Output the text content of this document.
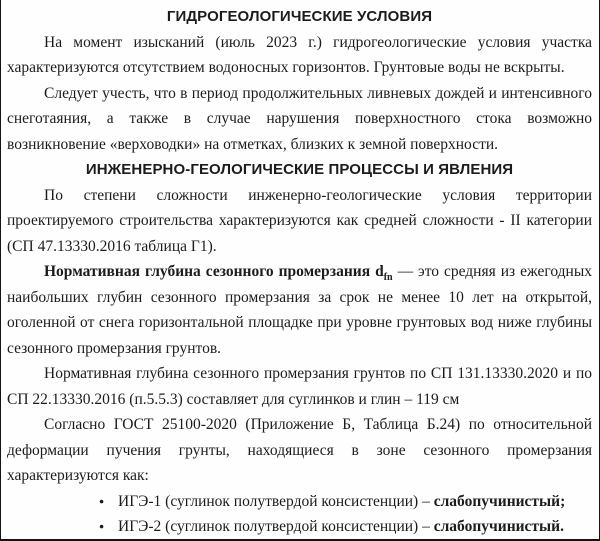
ГИДРОГЕОЛОГИЧЕСКИЕ УСЛОВИЯ

На момент изысканий (июль 2023 г.) гидрогеологические условия участка характеризуются отсутствием водоносных горизонтов. Грунтовые воды не вскрыты.

Следует учесть, что в период продолжительных ливневых дождей и интенсивного снеготаяния, а также в случае нарушения поверхностного стока возможно возникновение «верховодки» на отметках, близких к земной поверхности.

ИНЖЕНЕРНО-ГЕОЛОГИЧЕСКИЕ ПРОЦЕССЫ И ЯВЛЕНИЯ

По степени сложности инженерно-геологические условия территории проектируемого строительства характеризуются как средней сложности - II категории (СП 47.13330.2016 таблица Г1).

Нормативная глубина сезонного промерзания $d_{fn}$ — это средняя из ежегодных наибольших глубин сезонного промерзания за срок не менее 10 лет на открытой, оголенной от снега горизонтальной площадке при уровне грунтовых вод ниже глубины сезонного промерзания грунтов.

Нормативная глубина сезонного промерзания грунтов по СП 131.13330.2020 и по СП 22.13330.2016 (п.5.5.3) составляет для суглинков и глин – 119 см

Согласно ГОСТ 25100-2020 (Приложение Б, Таблица Б.24) по относительной деформации пучения грунты, находящиеся в зоне сезонного промерзания характеризуются как:

● ИГЭ-1 (суглинок полутвердой консистенции) – слабопучинистый;
● ИГЭ-2 (суглинок полутвердой консистенции) – слабопучинистый.
